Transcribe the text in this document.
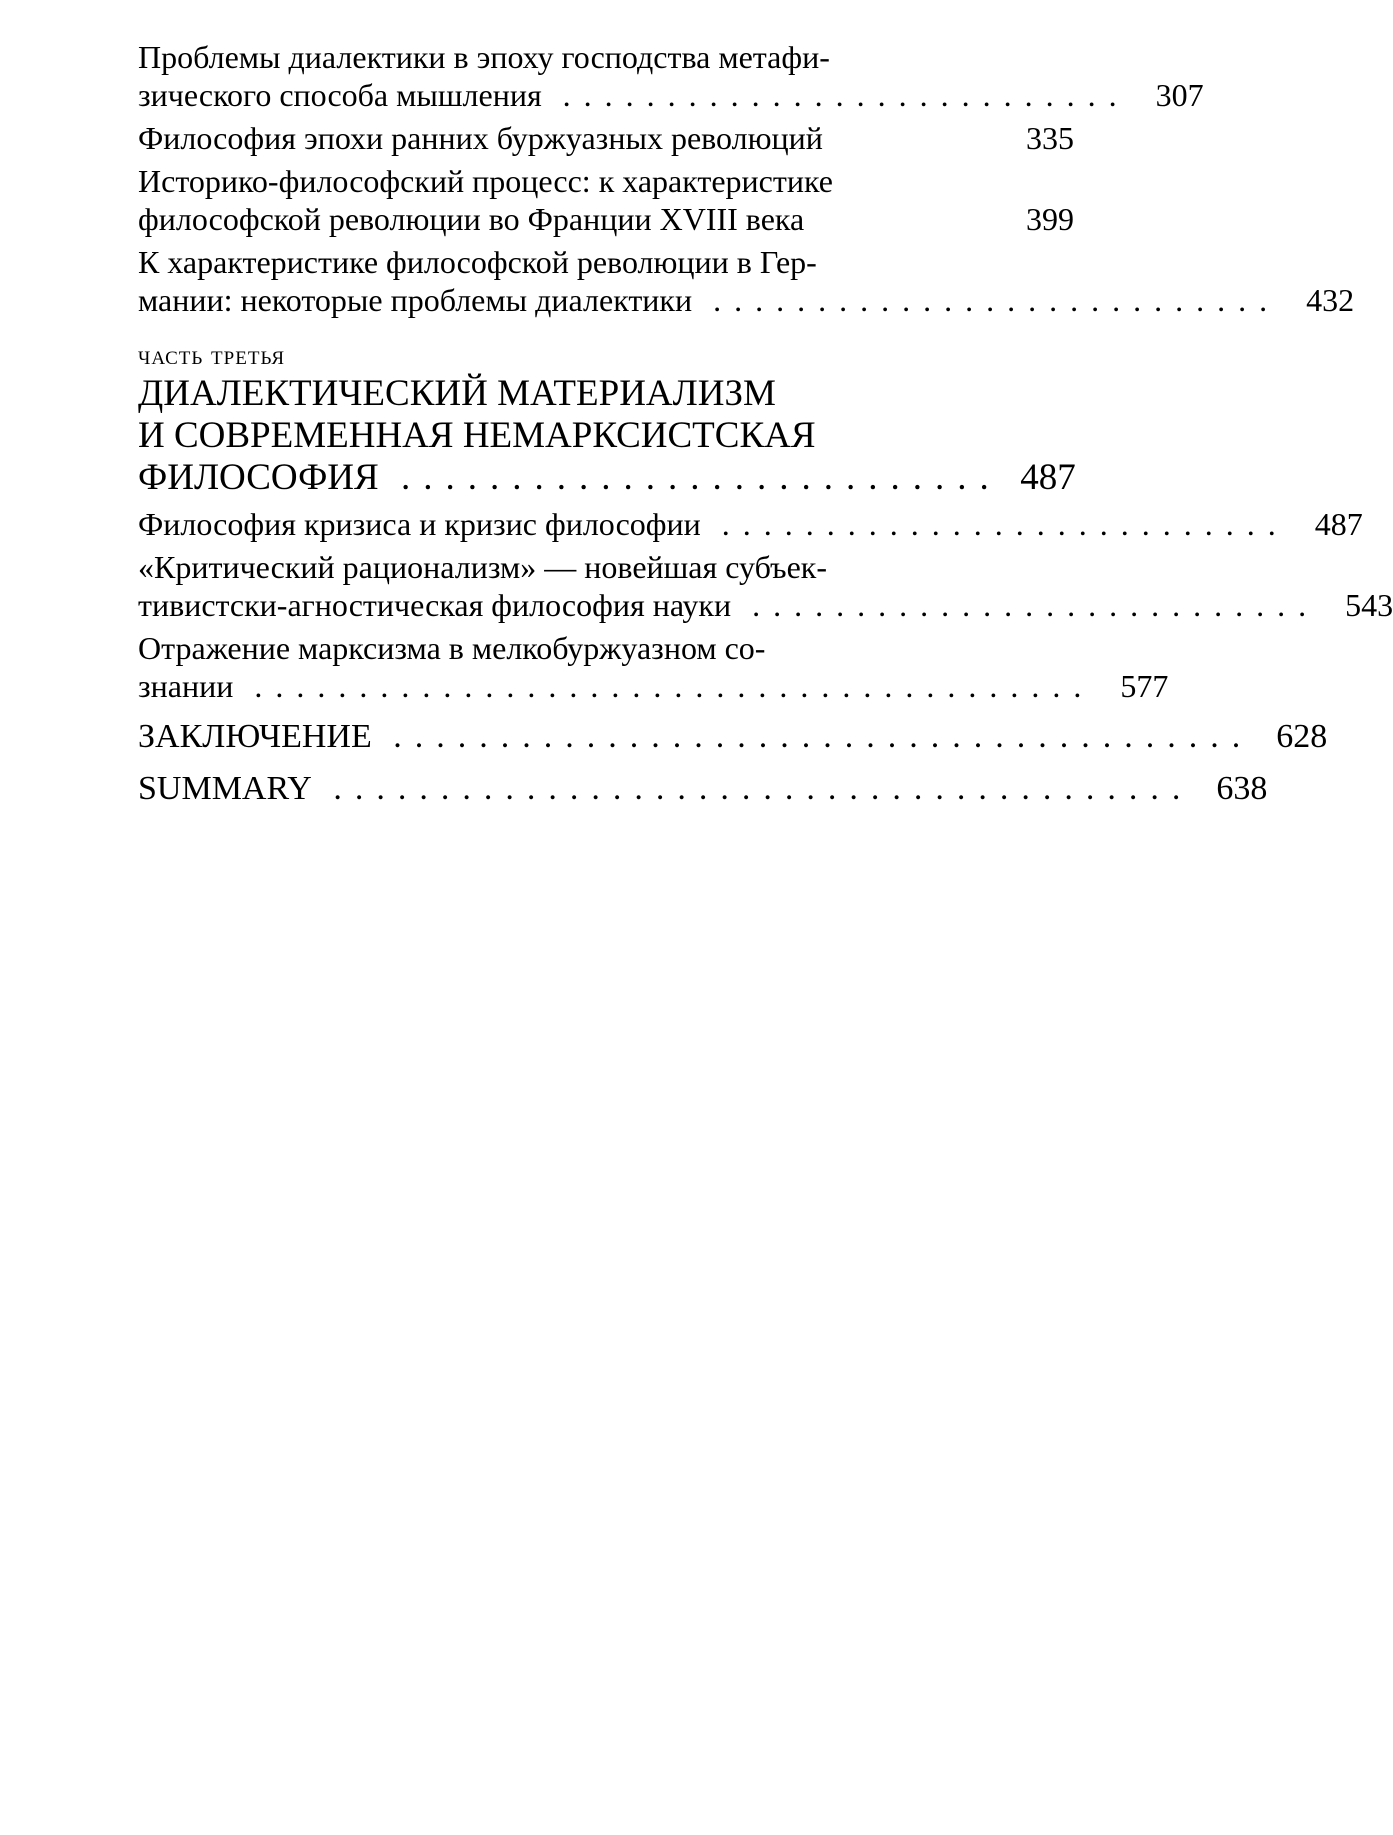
Проблемы диалектики в эпоху господства метафи-
зического способа мышления ........................... 307
Философия эпохи ранних буржуазных революций	335
Историко-философский процесс: к характеристике
философской революции во Франции XVIII века	399
К характеристике философской революции в Гер-
мании: некоторые проблемы диалектики ........................... 432
часть третья
ДИАЛЕКТИЧЕСКИЙ МАТЕРИАЛИЗМ
И СОВРЕМЕННАЯ НЕМАРКСИСТСКАЯ
ФИЛОСОФИЯ ........................... 487
Философия кризиса и кризис философии ........................... 487
«Критический рационализм» — новейшая субъек-
тивистски-агностическая философия науки ........................... 543
Отражение марксизма в мелкобуржуазном со-
знании ........................................ 577
ЗАКЛЮЧЕНИЕ ........................................ 628
SUMMARY ........................................ 638
